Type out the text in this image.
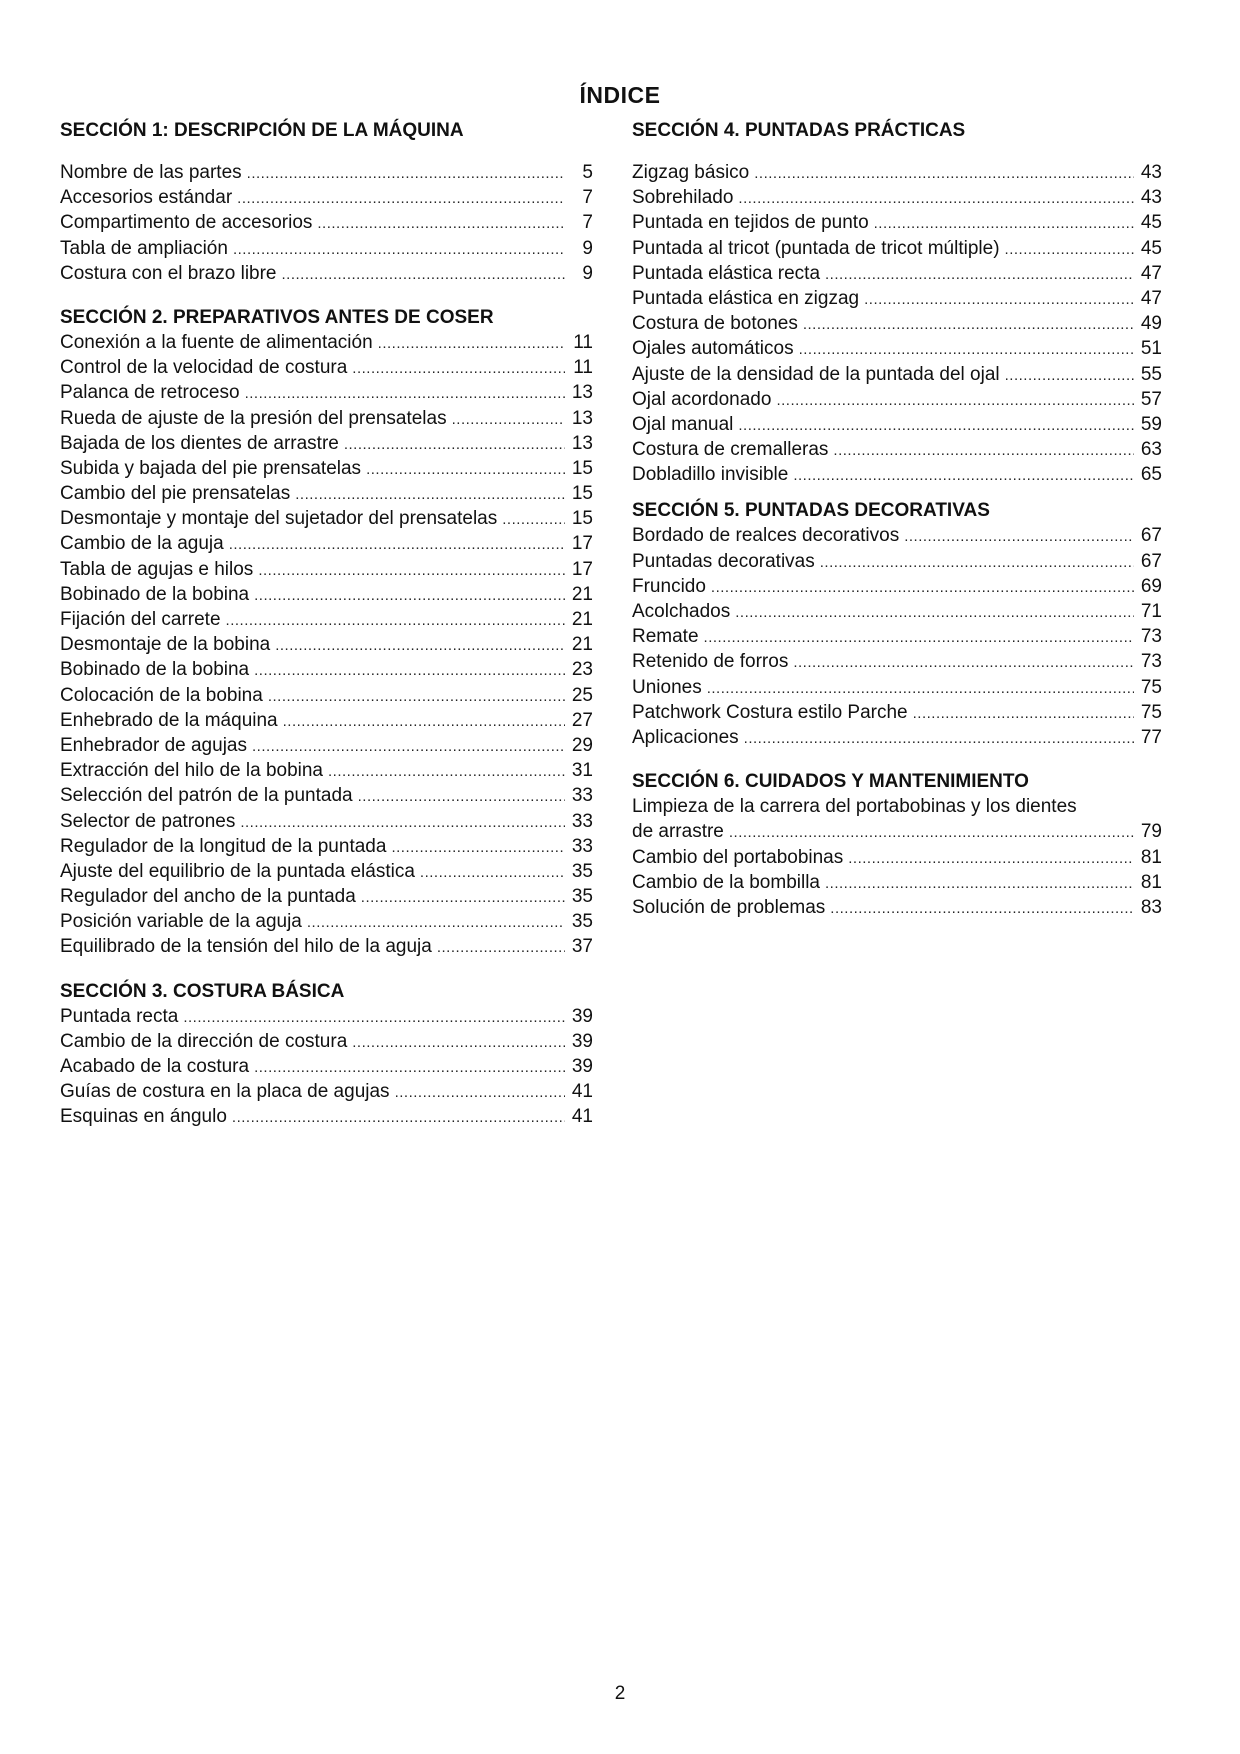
ÍNDICE
SECCIÓN 1: DESCRIPCIÓN DE LA MÁQUINA
Nombre de las partes .....	5
Accesorios estándar .....	7
Compartimento de accesorios .....	7
Tabla de ampliación .....	9
Costura con el brazo libre .....	9
SECCIÓN 2. PREPARATIVOS ANTES DE COSER
Conexión a la fuente de alimentación .....	11
Control de la velocidad de costura .....	11
Palanca de retroceso .....	13
Rueda de ajuste de la presión del prensatelas .....	13
Bajada de los dientes de arrastre .....	13
Subida y bajada del pie prensatelas .....	15
Cambio del pie prensatelas .....	15
Desmontaje y montaje del sujetador del prensatelas .....	15
Cambio de la aguja .....	17
Tabla de agujas e hilos .....	17
Bobinado de la bobina .....	21
Fijación del carrete .....	21
Desmontaje de la bobina .....	21
Bobinado de la bobina .....	23
Colocación de la bobina .....	25
Enhebrado de la máquina .....	27
Enhebrador de agujas .....	29
Extracción del hilo de la bobina .....	31
Selección del patrón de la puntada .....	33
Selector de patrones .....	33
Regulador de la longitud de la puntada .....	33
Ajuste del equilibrio de la puntada elástica .....	35
Regulador del ancho de la puntada .....	35
Posición variable de la aguja .....	35
Equilibrado de la tensión del hilo de la aguja .....	37
SECCIÓN 3. COSTURA BÁSICA
Puntada recta .....	39
Cambio de la dirección de costura .....	39
Acabado de la costura .....	39
Guías de costura en la placa de agujas .....	41
Esquinas en ángulo .....	41
SECCIÓN 4. PUNTADAS PRÁCTICAS
Zigzag básico .....	43
Sobrehilado .....	43
Puntada en tejidos de punto .....	45
Puntada al tricot (puntada de tricot múltiple) .....	45
Puntada elástica recta .....	47
Puntada elástica en zigzag .....	47
Costura de botones .....	49
Ojales automáticos .....	51
Ajuste de la densidad de la puntada del ojal .....	55
Ojal acordonado .....	57
Ojal manual .....	59
Costura de cremalleras .....	63
Dobladillo invisible .....	65
SECCIÓN 5. PUNTADAS DECORATIVAS
Bordado de realces decorativos .....	67
Puntadas decorativas .....	67
Fruncido .....	69
Acolchados .....	71
Remate .....	73
Retenido de forros .....	73
Uniones .....	75
Patchwork Costura estilo Parche .....	75
Aplicaciones .....	77
SECCIÓN 6. CUIDADOS Y MANTENIMIENTO
Limpieza de la carrera del portabobinas y los dientes
de arrastre .....	79
Cambio del portabobinas .....	81
Cambio de la bombilla .....	81
Solución de problemas .....	83
2
